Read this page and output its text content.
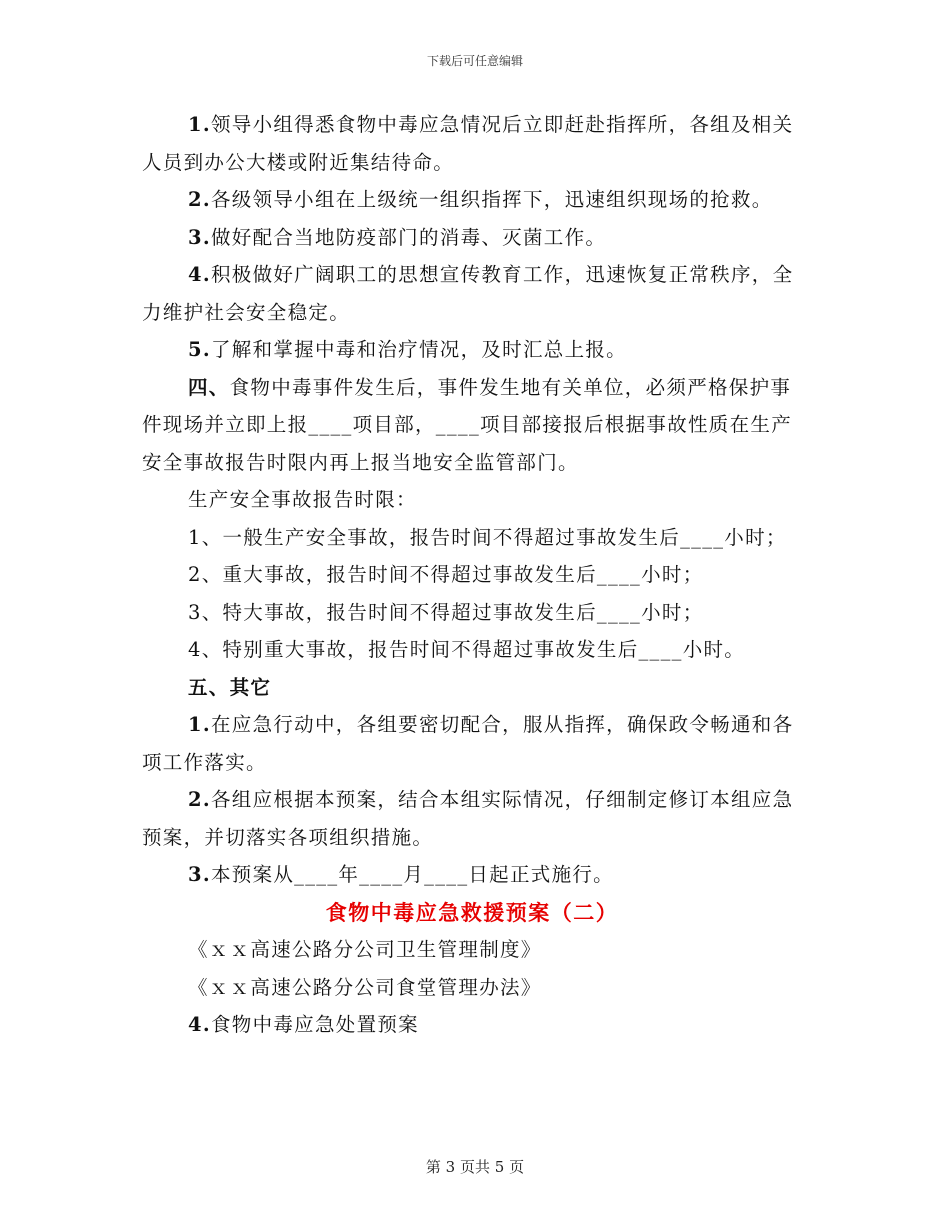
下载后可任意编辑

1.领导小组得悉食物中毒应急情况后立即赶赴指挥所，各组及相关人员到办公大楼或附近集结待命。

2.各级领导小组在上级统一组织指挥下，迅速组织现场的抢救。

3.做好配合当地防疫部门的消毒、灭菌工作。

4.积极做好广阔职工的思想宣传教育工作，迅速恢复正常秩序，全力维护社会安全稳定。

5.了解和掌握中毒和治疗情况，及时汇总上报。

四、食物中毒事件发生后，事件发生地有关单位，必须严格保护事件现场并立即上报____项目部，____项目部接报后根据事故性质在生产安全事故报告时限内再上报当地安全监管部门。

生产安全事故报告时限：

1、一般生产安全事故，报告时间不得超过事故发生后____小时；

2、重大事故，报告时间不得超过事故发生后____小时；

3、特大事故，报告时间不得超过事故发生后____小时；

4、特别重大事故，报告时间不得超过事故发生后____小时。

五、其它

1.在应急行动中，各组要密切配合，服从指挥，确保政令畅通和各项工作落实。

2.各组应根据本预案，结合本组实际情况，仔细制定修订本组应急预案，并切落实各项组织措施。

3.本预案从____年____月____日起正式施行。

食物中毒应急救援预案（二）

《ｘｘ高速公路分公司卫生管理制度》

《ｘｘ高速公路分公司食堂管理办法》

4.食物中毒应急处置预案

第 3 页共 5 页
